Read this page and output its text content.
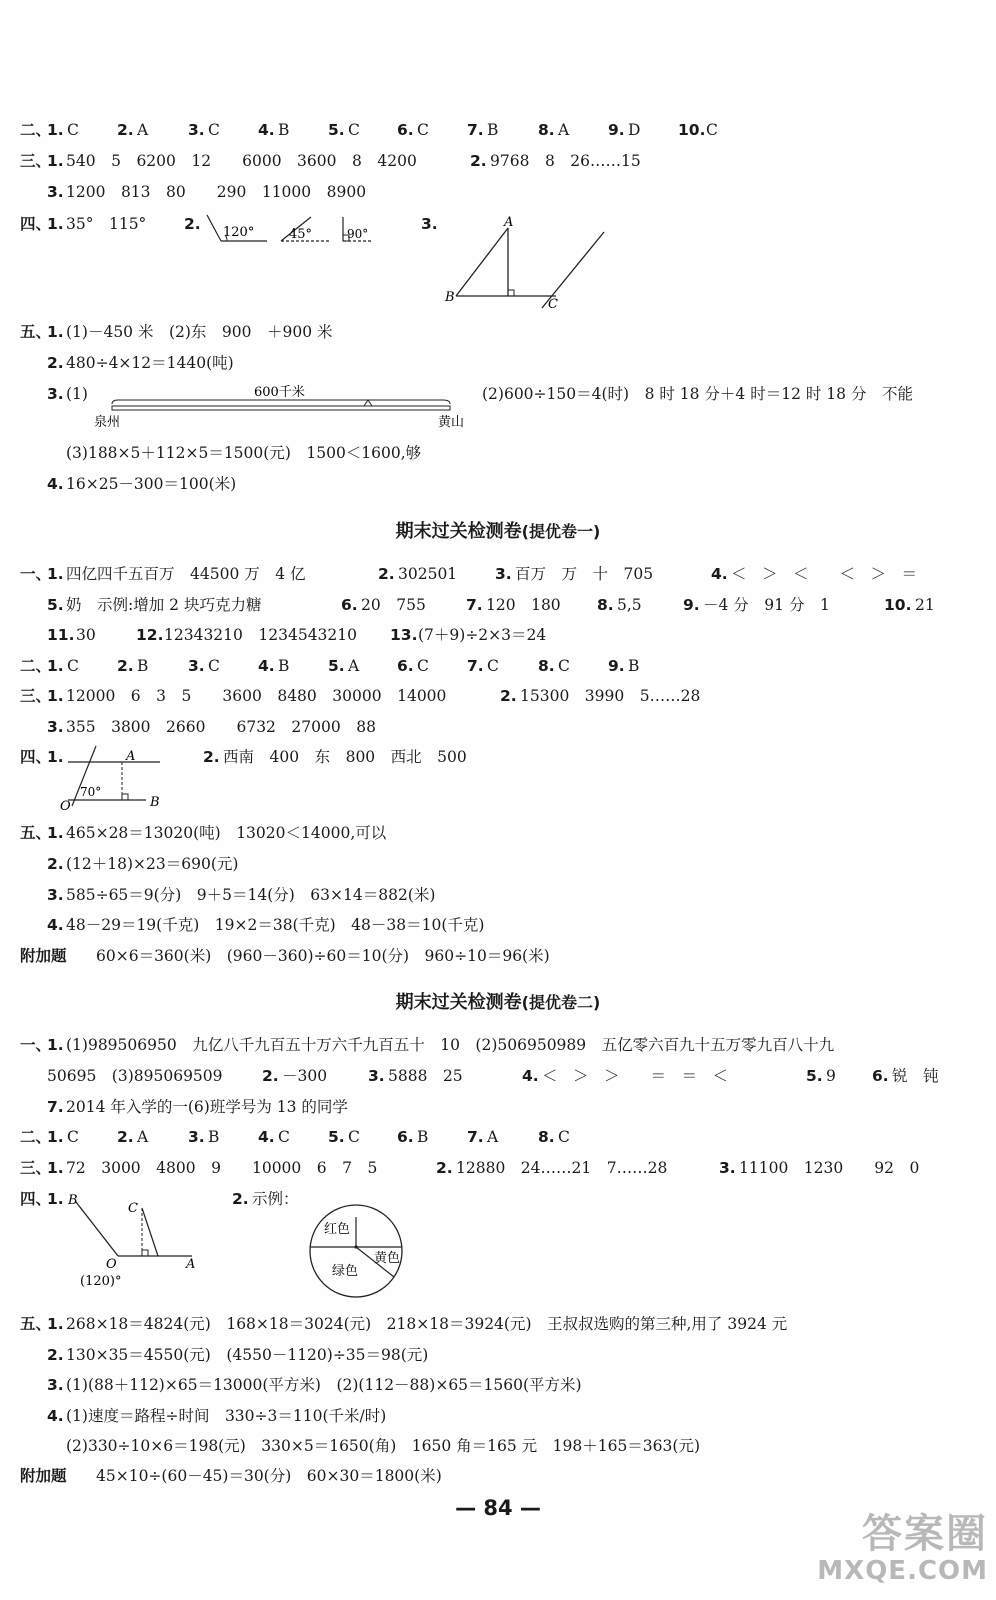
二、
1. C 2. A	3. C 4. B 5. C 6. C 7. B	8. A	9. D 10. C
三、
1. 540　5　6200　12　　6000　3600　8　4200	2. 9768　8　26……15
3. 1200　813　80　　290　11000　8900
四、
1. 35°　115° 2.	3.
120°	45°	90°
A
B	C
五、
1. (1)－450 米　(2)东　900　＋900 米
2. 480÷4×12＝1440(吨)
3. (1)	(2)600÷150＝4(时)　8 时 18 分＋4 时＝12 时 18 分　不能
600千米
泉州	黄山
(3)188×5＋112×5＝1500(元)　1500＜1600,够
4. 16×25－300＝100(米)
期末过关检测卷(提优卷一)
一、
1. 四亿四千五百万　44500 万　4 亿	2. 302501 3. 百万　万　十　705	4. ＜　＞　＜　　＜　＞　＝
5. 奶　示例:增加 2 块巧克力糖	6. 20　755	7. 120　180 8. 5,5	9. －4 分　91 分　1	10. 21
11. 30	12. 12343210　1234543210 13. (7＋9)÷2×3＝24
二、
1. C 2. B	3. C 4. B 5. A 6. C 7. C	8. C 9. B
三、
1. 12000　6　3　5　　3600　8480　30000　14000	2. 15300　3990　5……28
3. 355　3800　2660　　6732　27000　88
四、
1.	2. 西南　400　东　800　西北　500
A
70°
O	B
五、
1. 465×28＝13020(吨)　13020＜14000,可以
2. (12＋18)×23＝690(元)
3. 585÷65＝9(分)　9＋5＝14(分)　63×14＝882(米)
4. 48－29＝19(千克)　19×2＝38(千克)　48－38＝10(千克)
附加题 60×6＝360(米)　(960－360)÷60＝10(分)　960÷10＝96(米)
期末过关检测卷(提优卷二)
一、
1. (1)989506950　九亿八千九百五十万六千九百五十　10　(2)506950989　五亿零六百九十五万零九百八十九
50695　(3)895069509	2. －300	3. 5888　25	4. ＜　＞　＞　　＝　＝　＜	5. 9 6. 锐　钝
7. 2014 年入学的一(6)班学号为 13 的同学
二、
1. C 2. A	3. B 4. C 5. C 6. B 7. A	8. C
三、
1. 72　3000　4800　9　　10000　6　7　5	2. 12880　24……21　7……28	3. 11100　1230　　92　0
四、
1.	2. 示例：
B
C
O	A
(120)°
红色
黄色
绿色
五、
1. 268×18＝4824(元)　168×18＝3024(元)　218×18＝3924(元)　王叔叔选购的第三种,用了 3924 元
2. 130×35＝4550(元)　(4550－1120)÷35＝98(元)
3. (1)(88＋112)×65＝13000(平方米)　(2)(112－88)×65＝1560(平方米)
4. (1)速度＝路程÷时间　330÷3＝110(千米/时)
(2)330÷10×6＝198(元)　330×5＝1650(角)　1650 角＝165 元　198＋165＝363(元)
附加题 45×10÷(60－45)＝30(分)　60×30＝1800(米)
— 84 —
答案圈
MXQE.COM
